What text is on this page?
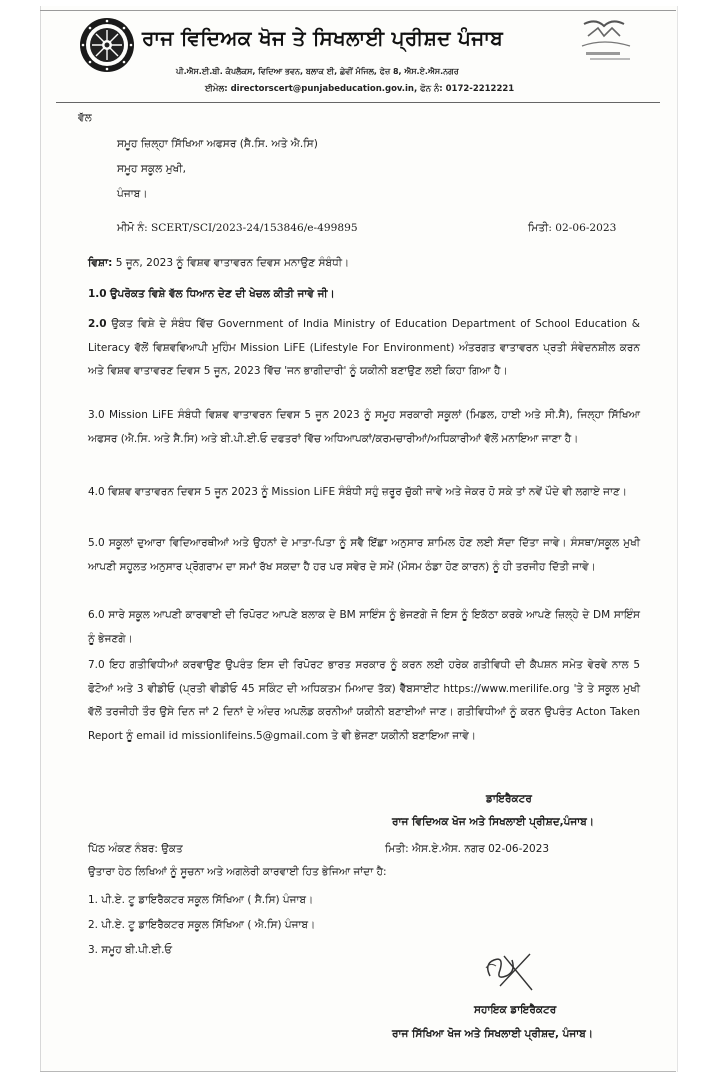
ਰਾਜ ਵਿਦਿਅਕ ਖੋਜ ਤੇ ਸਿਖਲਾਈ ਪ੍ਰੀਸ਼ਦ ਪੰਜਾਬ
ਪੀ.ਐਸ.ਈ.ਬੀ. ਕੰਪਲੈਕਸ, ਵਿਦਿਆ ਭਵਨ, ਬਲਾਕ ਈ, ਛੇਵੀਂ ਮੰਜਿਲ, ਫੇਜ਼ 8, ਐਸ.ਏ.ਐਸ.ਨਗਰ
ਈਮੇਲ: directorscert@punjabeducation.gov.in, ਫੋਨ ਨੰ: 0172-2212221
ਵੱਲ
ਸਮੂਹ ਜ਼ਿਲ੍ਹਾ ਸਿੱਖਿਆ ਅਫਸਰ (ਸੈ.ਸਿ. ਅਤੇ ਐ.ਸਿ)
ਸਮੂਹ ਸਕੂਲ ਮੁਖੀ,
ਪੰਜਾਬ।
ਮੀਮੋ ਨੰ: SCERT/SCI/2023-24/153846/e-499895	ਮਿਤੀ: 02-06-2023
ਵਿਸ਼ਾ: 5 ਜੂਨ, 2023 ਨੂੰ ਵਿਸ਼ਵ ਵਾਤਾਵਰਨ ਦਿਵਸ ਮਨਾਉਣ ਸੰਬੰਧੀ।
1.0 ਉਪਰੋਕਤ ਵਿਸ਼ੇ ਵੱਲ ਧਿਆਨ ਦੇਣ ਦੀ ਖੇਚਲ ਕੀਤੀ ਜਾਵੇ ਜੀ।
2.0 ਉਕਤ ਵਿਸ਼ੇ ਦੇ ਸੰਬੰਧ ਵਿੱਚ Government of India Ministry of Education Department of School Education & Literacy ਵੱਲੋਂ ਵਿਸ਼ਵਵਿਆਪੀ ਮੁਹਿੰਮ Mission LiFE (Lifestyle For Environment) ਅੰਤਰਗਤ ਵਾਤਾਵਰਨ ਪ੍ਰਤੀ ਸੰਵੇਦਨਸ਼ੀਲ ਕਰਨ ਅਤੇ ਵਿਸ਼ਵ ਵਾਤਾਵਰਣ ਦਿਵਸ 5 ਜੂਨ, 2023 ਵਿੱਚ 'ਜਨ ਭਾਗੀਦਾਰੀ' ਨੂੰ ਯਕੀਨੀ ਬਣਾਉਣ ਲਈ ਕਿਹਾ ਗਿਆ ਹੈ।
3.0 Mission LiFE ਸੰਬੰਧੀ ਵਿਸ਼ਵ ਵਾਤਾਵਰਨ ਦਿਵਸ 5 ਜੂਨ 2023 ਨੂੰ ਸਮੂਹ ਸਰਕਾਰੀ ਸਕੂਲਾਂ (ਮਿਡਲ, ਹਾਈ ਅਤੇ ਸੀ.ਸੈ), ਜਿਲ੍ਹਾ ਸਿੱਖਿਆ ਅਫਸਰ (ਐ.ਸਿ. ਅਤੇ ਸੈ.ਸਿ) ਅਤੇ ਬੀ.ਪੀ.ਈ.ਓ ਦਫਤਰਾਂ ਵਿੱਚ ਅਧਿਆਪਕਾਂ/ਕਰਮਚਾਰੀਆਂ/ਅਧਿਕਾਰੀਆਂ ਵੱਲੋਂ ਮਨਾਇਆ ਜਾਣਾ ਹੈ।
4.0 ਵਿਸ਼ਵ ਵਾਤਾਵਰਨ ਦਿਵਸ 5 ਜੂਨ 2023 ਨੂੰ Mission LiFE ਸੰਬੰਧੀ ਸਹੁੰ ਜ਼ਰੂਰ ਚੁੱਕੀ ਜਾਵੇ ਅਤੇ ਜੇਕਰ ਹੋ ਸਕੇ ਤਾਂ ਨਵੇਂ ਪੌਦੇ ਵੀ ਲਗਾਏ ਜਾਣ।
5.0 ਸਕੂਲਾਂ ਦੁਆਰਾ ਵਿਦਿਆਰਥੀਆਂ ਅਤੇ ਉਹਨਾਂ ਦੇ ਮਾਤਾ-ਪਿਤਾ ਨੂੰ ਸਵੈ ਇੱਛਾ ਅਨੁਸਾਰ ਸ਼ਾਮਿਲ ਹੋਣ ਲਈ ਸੱਦਾ ਦਿੱਤਾ ਜਾਵੇ। ਸੰਸਥਾ/ਸਕੂਲ ਮੁਖੀ ਆਪਣੀ ਸਹੂਲਤ ਅਨੁਸਾਰ ਪ੍ਰੋਗਰਾਮ ਦਾ ਸਮਾਂ ਰੱਖ ਸਕਦਾ ਹੈ ਹਰ ਪਰ ਸਵੇਰ ਦੇ ਸਮੇਂ (ਮੌਸਮ ਠੰਡਾ ਹੋਣ ਕਾਰਨ) ਨੂੰ ਹੀ ਤਰਜੀਹ ਦਿੱਤੀ ਜਾਵੇ।
6.0 ਸਾਰੇ ਸਕੂਲ ਆਪਣੀ ਕਾਰਵਾਈ ਦੀ ਰਿਪੋਰਟ ਆਪਣੇ ਬਲਾਕ ਦੇ BM ਸਾਇੰਸ ਨੂੰ ਭੇਜਣਗੇ ਜੋ ਇਸ ਨੂੰ ਇਕੱਠਾ ਕਰਕੇ ਆਪਣੇ ਜ਼ਿਲ੍ਹੇ ਦੇ DM ਸਾਇੰਸ ਨੂੰ ਭੇਜਣਗੇ।
7.0 ਇਹ ਗਤੀਵਿਧੀਆਂ ਕਰਵਾਉਣ ਉਪਰੰਤ ਇਸ ਦੀ ਰਿਪੋਰਟ ਭਾਰਤ ਸਰਕਾਰ ਨੂੰ ਕਰਨ ਲਈ ਹਰੇਕ ਗਤੀਵਿਧੀ ਦੀ ਕੈਪਸ਼ਨ ਸਮੇਤ ਵੇਰਵੇ ਨਾਲ 5 ਫੋਟੋਆਂ ਅਤੇ 3 ਵੀਡੀਓ (ਪ੍ਰਤੀ ਵੀਡੀਓ 45 ਸਕਿੰਟ ਦੀ ਅਧਿਕਤਮ ਮਿਆਦ ਤੱਕ) ਵੈੱਬਸਾਈਟ https://www.merilife.org 'ਤੇ ਤੇ ਸਕੂਲ ਮੁਖੀ ਵੱਲੋਂ ਤਰਜੀਹੀ ਤੌਰ ਉਸੇ ਦਿਨ ਜਾਂ 2 ਦਿਨਾਂ ਦੇ ਅੰਦਰ ਅਪਲੋਡ ਕਰਨੀਆਂ ਯਕੀਨੀ ਬਣਾਈਆਂ ਜਾਣ। ਗਤੀਵਿਧੀਆਂ ਨੂੰ ਕਰਨ ਉਪਰੰਤ Acton Taken Report ਨੂੰ email id missionlifeins.5@gmail.com ਤੇ ਵੀ ਭੇਜਣਾ ਯਕੀਨੀ ਬਣਾਇਆ ਜਾਵੇ।
ਡਾਇਰੈਕਟਰ
ਰਾਜ ਵਿਦਿਅਕ ਖੋਜ ਅਤੇ ਸਿਖਲਾਈ ਪ੍ਰੀਸ਼ਦ,ਪੰਜਾਬ।
ਪਿੱਠ ਅੰਕਣ ਨੰਬਰ: ਉਕਤ	ਮਿਤੀ: ਐਸ.ਏ.ਐਸ. ਨਗਰ 02-06-2023
ਉਤਾਰਾ ਹੇਠ ਲਿਖਿਆਂ ਨੂੰ ਸੂਚਨਾ ਅਤੇ ਅਗਲੇਰੀ ਕਾਰਵਾਈ ਹਿਤ ਭੇਜਿਆ ਜਾਂਦਾ ਹੈ:
1. ਪੀ.ਏ. ਟੂ ਡਾਇਰੈਕਟਰ ਸਕੂਲ ਸਿੱਖਿਆ ( ਸੈ.ਸਿ) ਪੰਜਾਬ।
2. ਪੀ.ਏ. ਟੂ ਡਾਇਰੈਕਟਰ ਸਕੂਲ ਸਿੱਖਿਆ ( ਐ.ਸਿ) ਪੰਜਾਬ।
3. ਸਮੂਹ ਬੀ.ਪੀ.ਈ.ਓ
ਸਹਾਇਕ ਡਾਇਰੈਕਟਰ
ਰਾਜ ਸਿੱਖਿਆ ਖੋਜ ਅਤੇ ਸਿਖਲਾਈ ਪ੍ਰੀਸ਼ਦ, ਪੰਜਾਬ।
